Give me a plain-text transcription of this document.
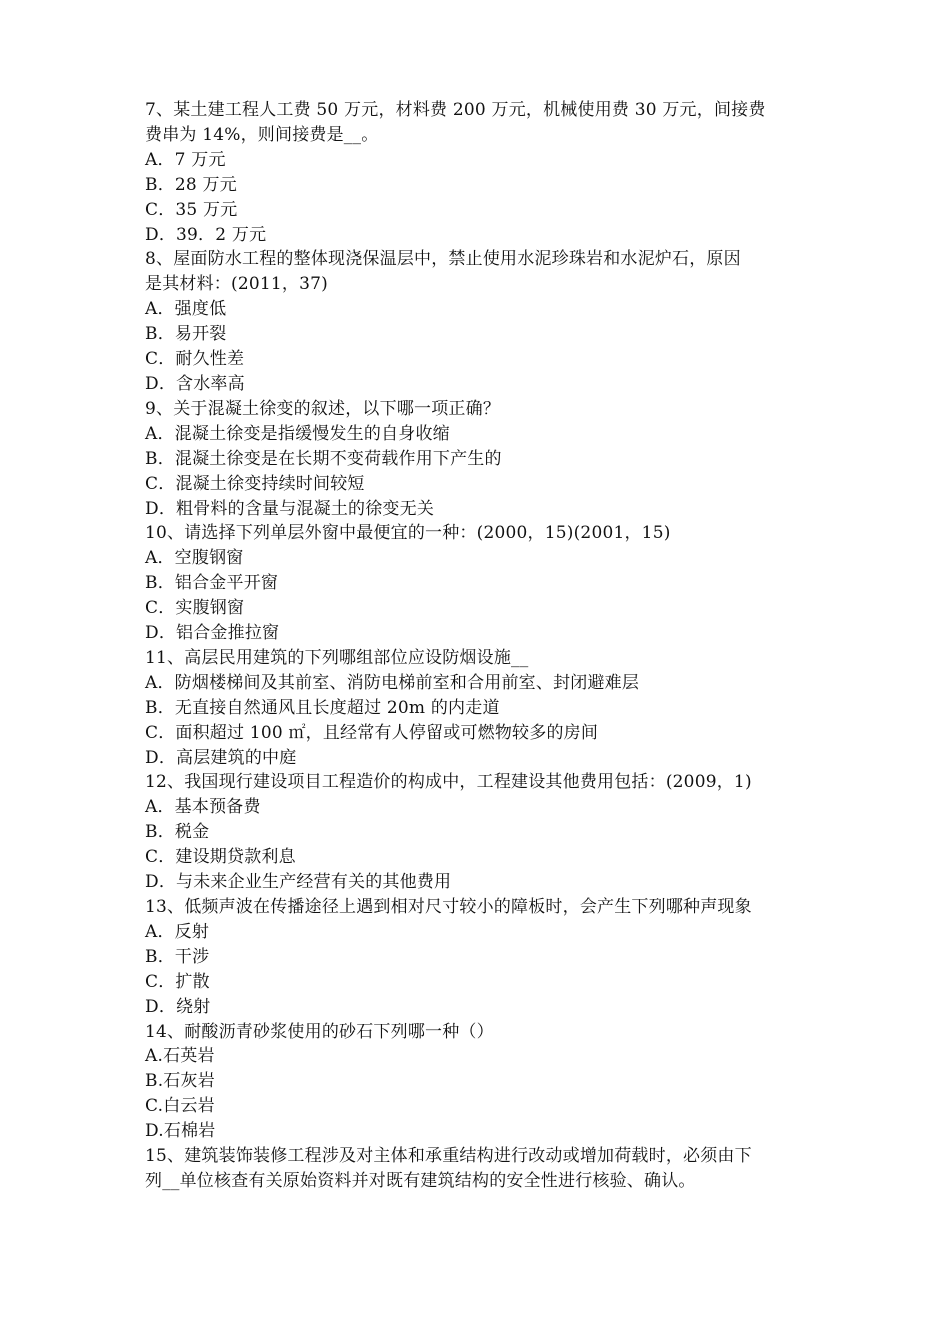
7、某土建工程人工费 50 万元，材料费 200 万元，机械使用费 30 万元，间接费
费串为 14%，则间接费是__。
A．7 万元
B．28 万元
C．35 万元
D．39．2 万元
8、屋面防水工程的整体现浇保温层中，禁止使用水泥珍珠岩和水泥炉石，原因
是其材料：(2011，37)
A．强度低
B．易开裂
C．耐久性差
D．含水率高
9、关于混凝土徐变的叙述，以下哪一项正确？
A．混凝土徐变是指缓慢发生的自身收缩
B．混凝土徐变是在长期不变荷载作用下产生的
C．混凝土徐变持续时间较短
D．粗骨料的含量与混凝土的徐变无关
10、请选择下列单层外窗中最便宜的一种：(2000，15)(2001，15)
A．空腹钢窗
B．铝合金平开窗
C．实腹钢窗
D．铝合金推拉窗
11、高层民用建筑的下列哪组部位应设防烟设施__
A．防烟楼梯间及其前室、消防电梯前室和合用前室、封闭避难层
B．无直接自然通风且长度超过 20m 的内走道
C．面积超过 100 ㎡，且经常有人停留或可燃物较多的房间
D．高层建筑的中庭
12、我国现行建设项目工程造价的构成中，工程建设其他费用包括：(2009，1)
A．基本预备费
B．税金
C．建设期贷款利息
D．与未来企业生产经营有关的其他费用
13、低频声波在传播途径上遇到相对尺寸较小的障板时，会产生下列哪种声现象
A．反射
B．干涉
C．扩散
D．绕射
14、耐酸沥青砂浆使用的砂石下列哪一种（）
A.石英岩
B.石灰岩
C.白云岩
D.石棉岩
15、建筑装饰装修工程涉及对主体和承重结构进行改动或增加荷载时，必须由下
列__单位核查有关原始资料并对既有建筑结构的安全性进行核验、确认。
